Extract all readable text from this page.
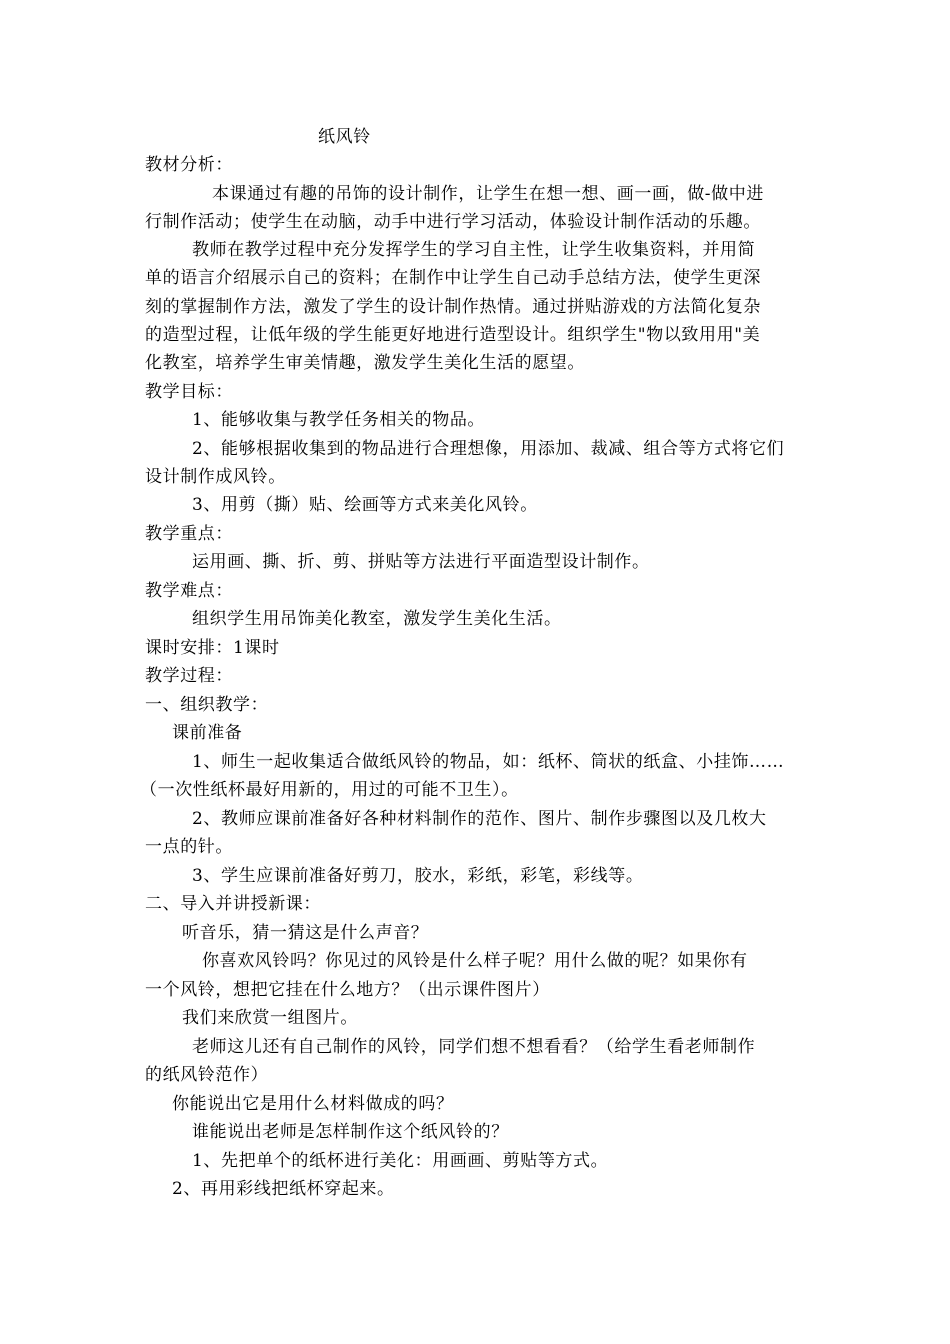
纸风铃
教材分析：
本课通过有趣的吊饰的设计制作，让学生在想一想、画一画，做-做中进
行制作活动；使学生在动脑，动手中进行学习活动，体验设计制作活动的乐趣。
教师在教学过程中充分发挥学生的学习自主性，让学生收集资料，并用简
单的语言介绍展示自己的资料；在制作中让学生自己动手总结方法，使学生更深
刻的掌握制作方法，激发了学生的设计制作热情。通过拼贴游戏的方法简化复杂
的造型过程，让低年级的学生能更好地进行造型设计。组织学生"物以致用用"美
化教室，培养学生审美情趣，激发学生美化生活的愿望。
教学目标：
1、能够收集与教学任务相关的物品。
2、能够根据收集到的物品进行合理想像，用添加、裁减、组合等方式将它们
设计制作成风铃。
3、用剪（撕）贴、绘画等方式来美化风铃。
教学重点：
运用画、撕、折、剪、拼贴等方法进行平面造型设计制作。
教学难点：
组织学生用吊饰美化教室，激发学生美化生活。
课时安排：1课时
教学过程：
一、组织教学：
课前准备
1、师生一起收集适合做纸风铃的物品，如：纸杯、筒状的纸盒、小挂饰……
（一次性纸杯最好用新的，用过的可能不卫生）。
2、教师应课前准备好各种材料制作的范作、图片、制作步骤图以及几枚大
一点的针。
3、学生应课前准备好剪刀，胶水，彩纸，彩笔，彩线等。
二、导入并讲授新课：
听音乐，猜一猜这是什么声音？
你喜欢风铃吗？你见过的风铃是什么样子呢？用什么做的呢？如果你有
一个风铃，想把它挂在什么地方？（出示课件图片）
我们来欣赏一组图片。
老师这儿还有自己制作的风铃，同学们想不想看看？（给学生看老师制作
的纸风铃范作）
你能说出它是用什么材料做成的吗？
谁能说出老师是怎样制作这个纸风铃的？
1、先把单个的纸杯进行美化：用画画、剪贴等方式。
2、再用彩线把纸杯穿起来。
